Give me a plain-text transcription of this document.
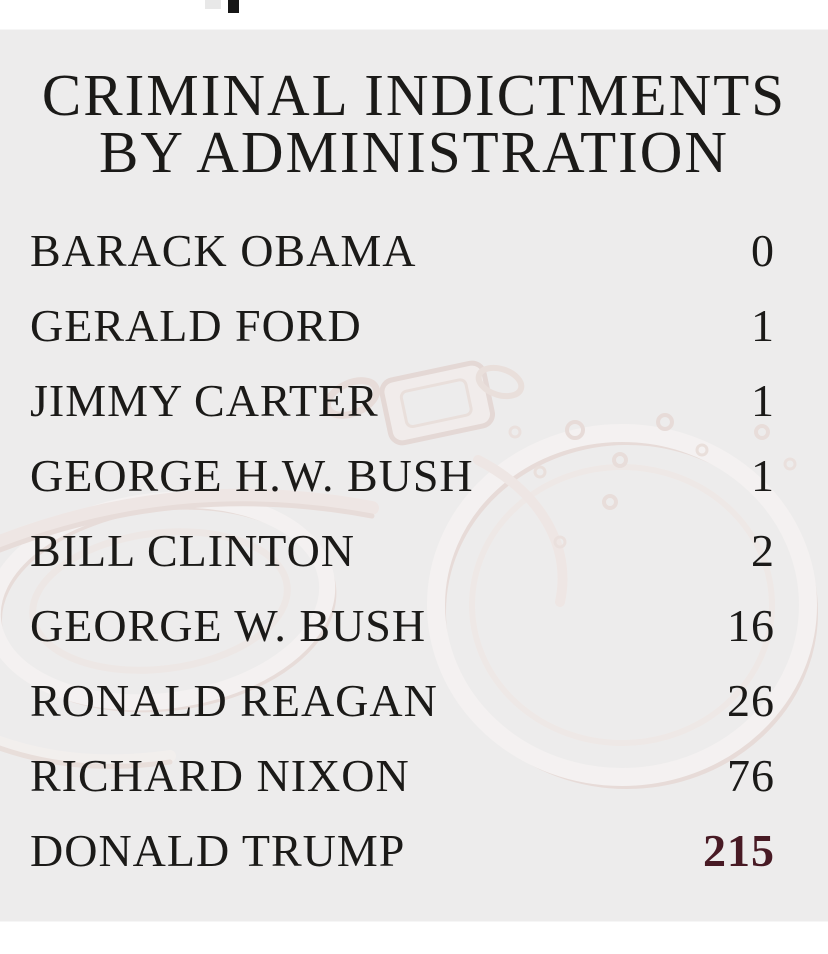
CRIMINAL INDICTMENTS
BY ADMINISTRATION
BARACK OBAMA	0
GERALD FORD	1
JIMMY CARTER	1
GEORGE H.W. BUSH	1
BILL CLINTON	2
GEORGE W. BUSH	16
RONALD REAGAN	26
RICHARD NIXON	76
DONALD TRUMP	215
